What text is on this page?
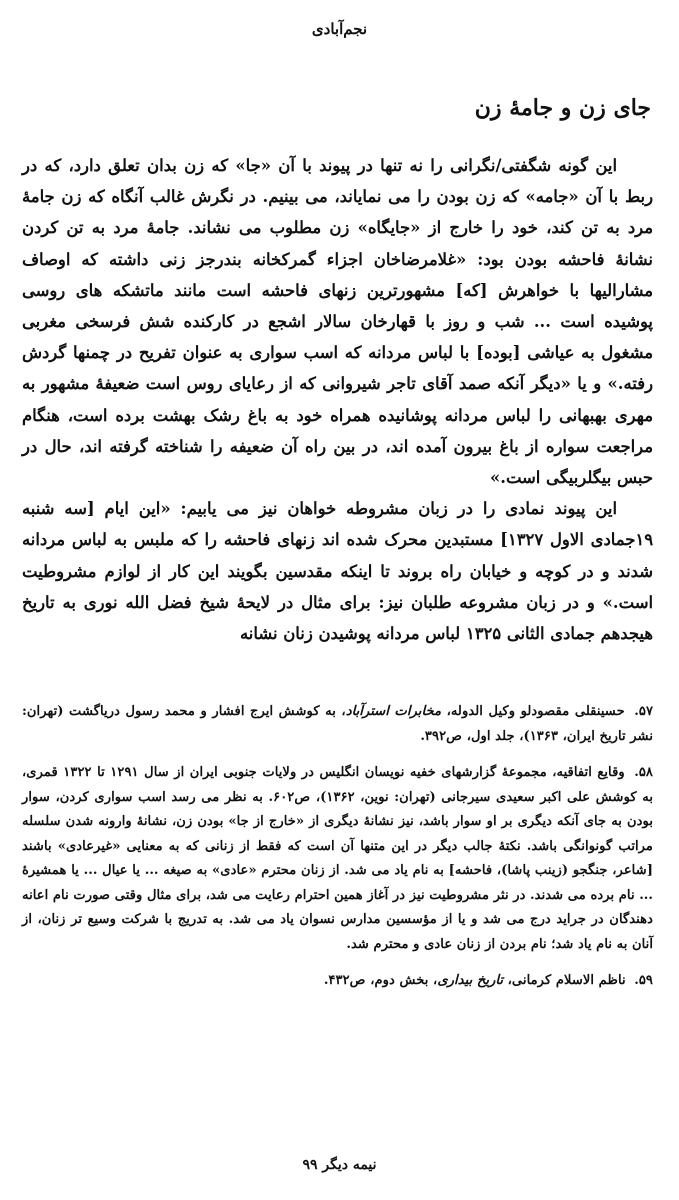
نجم‌آبادی
جای زن و جامهٔ زن

این گونه شگفتی/نگرانی را نه تنها در پیوند با آن «جا» که زن بدان تعلق دارد، که در ربط با آن «جامه» که زن بودن را می نمایاند، می بینیم. در نگرش غالب آنگاه که زن جامهٔ مرد به تن کند، خود را خارج از «جایگاه» زن مطلوب می نشاند. جامهٔ مرد به تن کردن نشانهٔ فاحشه بودن بود: «غلامرضاخان اجزاء گمرکخانه بندرجز زنی داشته که اوصاف مشارالیها با خواهرش [که] مشهورترین زنهای فاحشه است مانند ماتشکه های روسی پوشیده است ... شب و روز با قهارخان سالار اشجع در کارکنده شش فرسخی مغربی مشغول به عیاشی [بوده] با لباس مردانه که اسب سواری به عنوان تفریح در چمنها گردش رفته.» و یا «دیگر آنکه صمد آقای تاجر شیروانی که از رعایای روس است ضعیفهٔ مشهور به مهری بهبهانی را لباس مردانه پوشانیده همراه خود به باغ رشک بهشت برده است، هنگام مراجعت سواره از باغ بیرون آمده اند، در بین راه آن ضعیفه را شناخته گرفته اند، حال در حبس بیگلربیگی است.»

این پیوند نمادی را در زبان مشروطه خواهان نیز می یابیم: «این ایام [سه شنبه ۱۹جمادی الاول ۱۳۲۷] مستبدین محرک شده اند زنهای فاحشه را که ملبس به لباس مردانه شدند و در کوچه و خیابان راه بروند تا اینکه مقدسین بگویند این کار از لوازم مشروطیت است.» و در زبان مشروعه طلبان نیز: برای مثال در لایحهٔ شیخ فضل الله نوری به تاریخ هیجدهم جمادی الثانی ۱۳۲۵ لباس مردانه پوشیدن زنان نشانه

۵۷. حسینقلی مقصودلو وکیل الدوله، مخابرات استرآباد، به کوشش ایرج افشار و محمد رسول دریاگشت (تهران: نشر تاریخ ایران، ۱۳۶۳)، جلد اول، ص۳۹۲.

۵۸. وقایع اتفاقیه، مجموعهٔ گزارشهای خفیه نویسان انگلیس در ولایات جنوبی ایران از سال ۱۲۹۱ تا ۱۳۲۲ قمری، به کوشش علی اکبر سعیدی سیرجانی (تهران: نوین، ۱۳۶۲)، ص۶۰۲. به نظر می رسد اسب سواری کردن، سوار بودن به جای آنکه دیگری بر او سوار باشد، نیز نشانهٔ دیگری از «خارج از جا» بودن زن، نشانهٔ وارونه شدن سلسله مراتب گونوانگی باشد. نکتهٔ جالب دیگر در این متنها آن است که فقط از زنانی که به معنایی «غیرعادی» باشند [شاعر، جنگجو (زینب پاشا)، فاحشه] به نام یاد می شد. از زنان محترم «عادی» به صیغه ... یا عیال ... یا همشیرهٔ ... نام برده می شدند. در نثر مشروطیت نیز در آغاز همین احترام رعایت می شد، برای مثال وقتی صورت نام اعانه دهندگان در جراید درج می شد و یا از مؤسسین مدارس نسوان یاد می شد. به تدریج با شرکت وسیع تر زنان، از آنان به نام یاد شد؛ نام بردن از زنان عادی و محترم شد.

۵۹. ناظم الاسلام کرمانی، تاریخ بیداری، بخش دوم، ص۴۳۲.

نیمه دیگر ۹۹
